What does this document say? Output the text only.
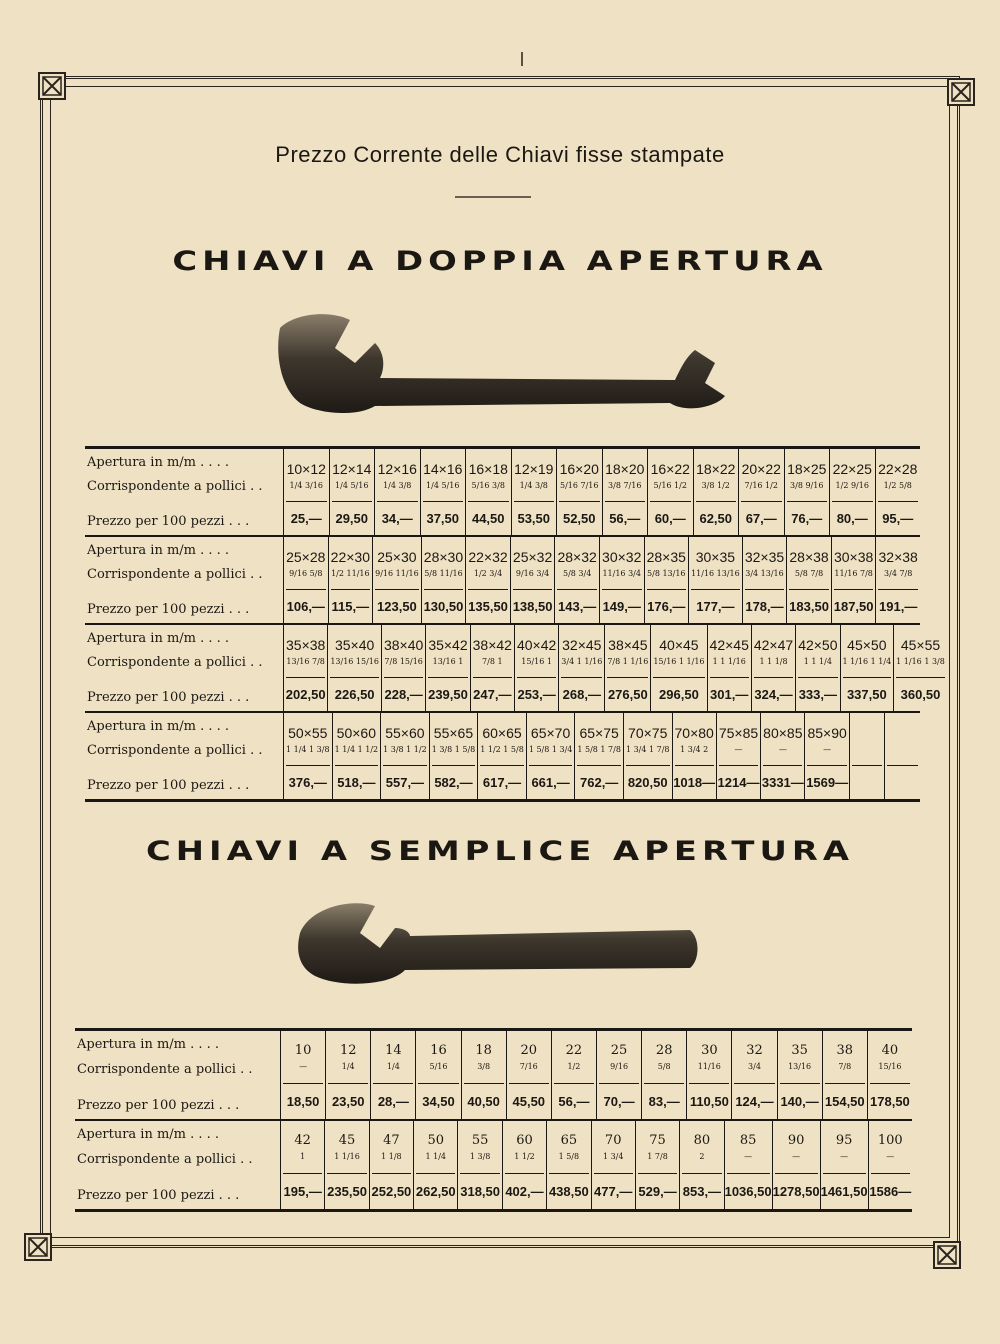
Prezzo Corrente delle Chiavi fisse stampate
CHIAVI A DOPPIA APERTURA
Apertura in m/m . . . .
Corrispondente a pollici . .
Prezzo per 100 pezzi . . .
10×12
1/4 3/16
25,—
12×14
1/4 5/16
29,50
12×16
1/4 3/8
34,—
14×16
1/4 5/16
37,50
16×18
5/16 3/8
44,50
12×19
1/4 3/8
53,50
16×20
5/16 7/16
52,50
18×20
3/8 7/16
56,—
16×22
5/16 1/2
60,—
18×22
3/8 1/2
62,50
20×22
7/16 1/2
67,—
18×25
3/8 9/16
76,—
22×25
1/2 9/16
80,—
22×28
1/2 5/8
95,—
Apertura in m/m . . . .
Corrispondente a pollici . .
Prezzo per 100 pezzi . . .
25×28
9/16 5/8
106,—
22×30
1/2 11/16
115,—
25×30
9/16 11/16
123,50
28×30
5/8 11/16
130,50
22×32
1/2 3/4
135,50
25×32
9/16 3/4
138,50
28×32
5/8 3/4
143,—
30×32
11/16 3/4
149,—
28×35
5/8 13/16
176,—
30×35
11/16 13/16
177,—
32×35
3/4 13/16
178,—
28×38
5/8 7/8
183,50
30×38
11/16 7/8
187,50
32×38
3/4 7/8
191,—
Apertura in m/m . . . .
Corrispondente a pollici . .
Prezzo per 100 pezzi . . .
35×38
13/16 7/8
202,50
35×40
13/16 15/16
226,50
38×40
7/8 15/16
228,—
35×42
13/16 1
239,50
38×42
7/8 1
247,—
40×42
15/16 1
253,—
32×45
3/4 1 1/16
268,—
38×45
7/8 1 1/16
276,50
40×45
15/16 1 1/16
296,50
42×45
1 1 1/16
301,—
42×47
1 1 1/8
324,—
42×50
1 1 1/4
333,—
45×50
1 1/16 1 1/4
337,50
45×55
1 1/16 1 3/8
360,50
Apertura in m/m . . . .
Corrispondente a pollici . .
Prezzo per 100 pezzi . . .
50×55
1 1/4 1 3/8
376,—
50×60
1 1/4 1 1/2
518,—
55×60
1 3/8 1 1/2
557,—
55×65
1 3/8 1 5/8
582,—
60×65
1 1/2 1 5/8
617,—
65×70
1 5/8 1 3/4
661,—
65×75
1 5/8 1 7/8
762,—
70×75
1 3/4 1 7/8
820,50
70×80
1 3/4 2
1018—
75×85
—
1214—
80×85
—
3331—
85×90
—
1569—
CHIAVI A SEMPLICE APERTURA
Apertura in m/m . . . .
Corrispondente a pollici . .
Prezzo per 100 pezzi . . .
10
—
18,50
12
1/4
23,50
14
1/4
28,—
16
5/16
34,50
18
3/8
40,50
20
7/16
45,50
22
1/2
56,—
25
9/16
70,—
28
5/8
83,—
30
11/16
110,50
32
3/4
124,—
35
13/16
140,—
38
7/8
154,50
40
15/16
178,50
Apertura in m/m . . . .
Corrispondente a pollici . .
Prezzo per 100 pezzi . . .
42
1
195,—
45
1 1/16
235,50
47
1 1/8
252,50
50
1 1/4
262,50
55
1 3/8
318,50
60
1 1/2
402,—
65
1 5/8
438,50
70
1 3/4
477,—
75
1 7/8
529,—
80
2
853,—
85
—
1036,50
90
—
1278,50
95
—
1461,50
100
—
1586—
